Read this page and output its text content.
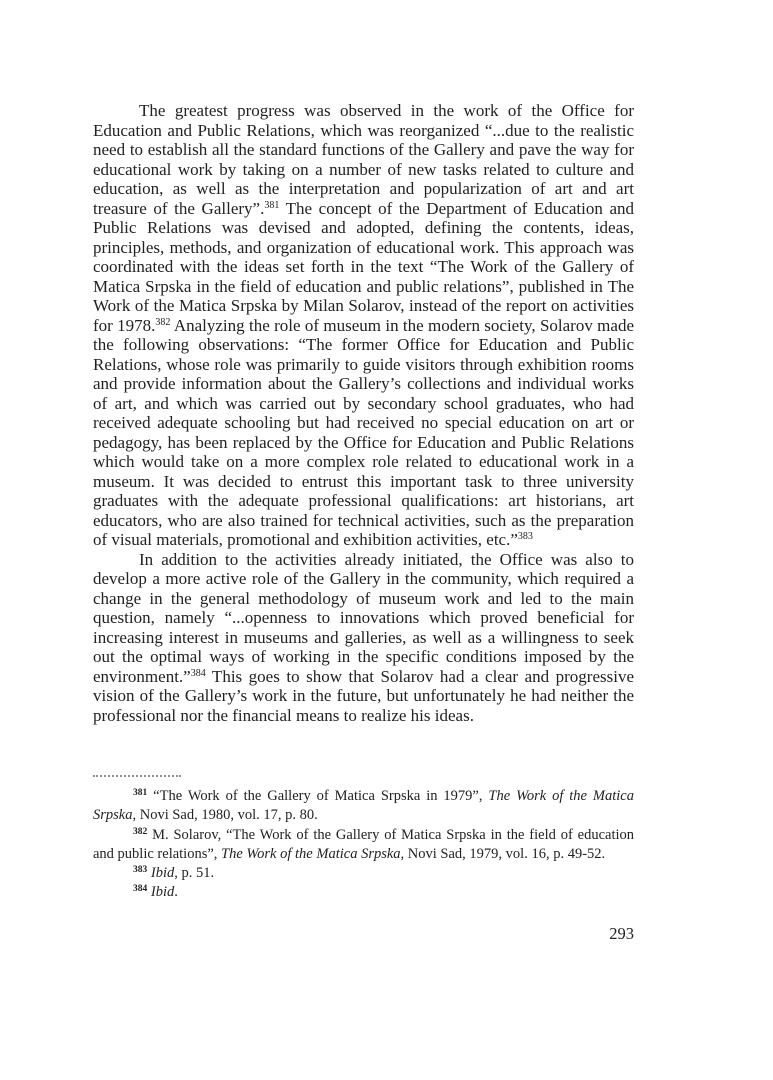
The greatest progress was observed in the work of the Office for Education and Public Relations, which was reorganized “...due to the realistic need to establish all the standard functions of the Gallery and pave the way for educational work by taking on a number of new tasks related to culture and education, as well as the interpretation and popularization of art and art treasure of the Gallery”.$^{381}$ The concept of the Department of Education and Public Relations was devised and adopted, defining the contents, ideas, principles, methods, and organization of educational work. This approach was coordinated with the ideas set forth in the text “The Work of the Gallery of Matica Srpska in the field of education and public relations”, published in The Work of the Matica Srpska by Milan Solarov, instead of the report on activities for 1978.$^{382}$ Analyzing the role of museum in the modern society, Solarov made the following observations: “The former Office for Education and Public Relations, whose role was primarily to guide visitors through exhibition rooms and provide information about the Gallery’s collections and individual works of art, and which was carried out by secondary school graduates, who had received adequate schooling but had received no special education on art or pedagogy, has been replaced by the Office for Education and Public Relations which would take on a more complex role related to educational work in a museum. It was decided to entrust this important task to three university graduates with the adequate professional qualifications: art historians, art educators, who are also trained for technical activities, such as the preparation of visual materials, promotional and exhibition activities, etc.”$^{383}$

In addition to the activities already initiated, the Office was also to develop a more active role of the Gallery in the community, which required a change in the general methodology of museum work and led to the main question, namely “...openness to innovations which proved beneficial for increasing interest in museums and galleries, as well as a willingness to seek out the optimal ways of working in the specific conditions imposed by the environment.”$^{384}$ This goes to show that Solarov had a clear and progressive vision of the Gallery’s work in the future, but unfortunately he had neither the professional nor the financial means to realize his ideas.

$^{381}$ “The Work of the Gallery of Matica Srpska in 1979”, The Work of the Matica Srpska, Novi Sad, 1980, vol. 17, p. 80.

$^{382}$ M. Solarov, “The Work of the Gallery of Matica Srpska in the field of education and public relations”, The Work of the Matica Srpska, Novi Sad, 1979, vol. 16, p. 49-52.

$^{383}$ Ibid, p. 51.

$^{384}$ Ibid.

293
